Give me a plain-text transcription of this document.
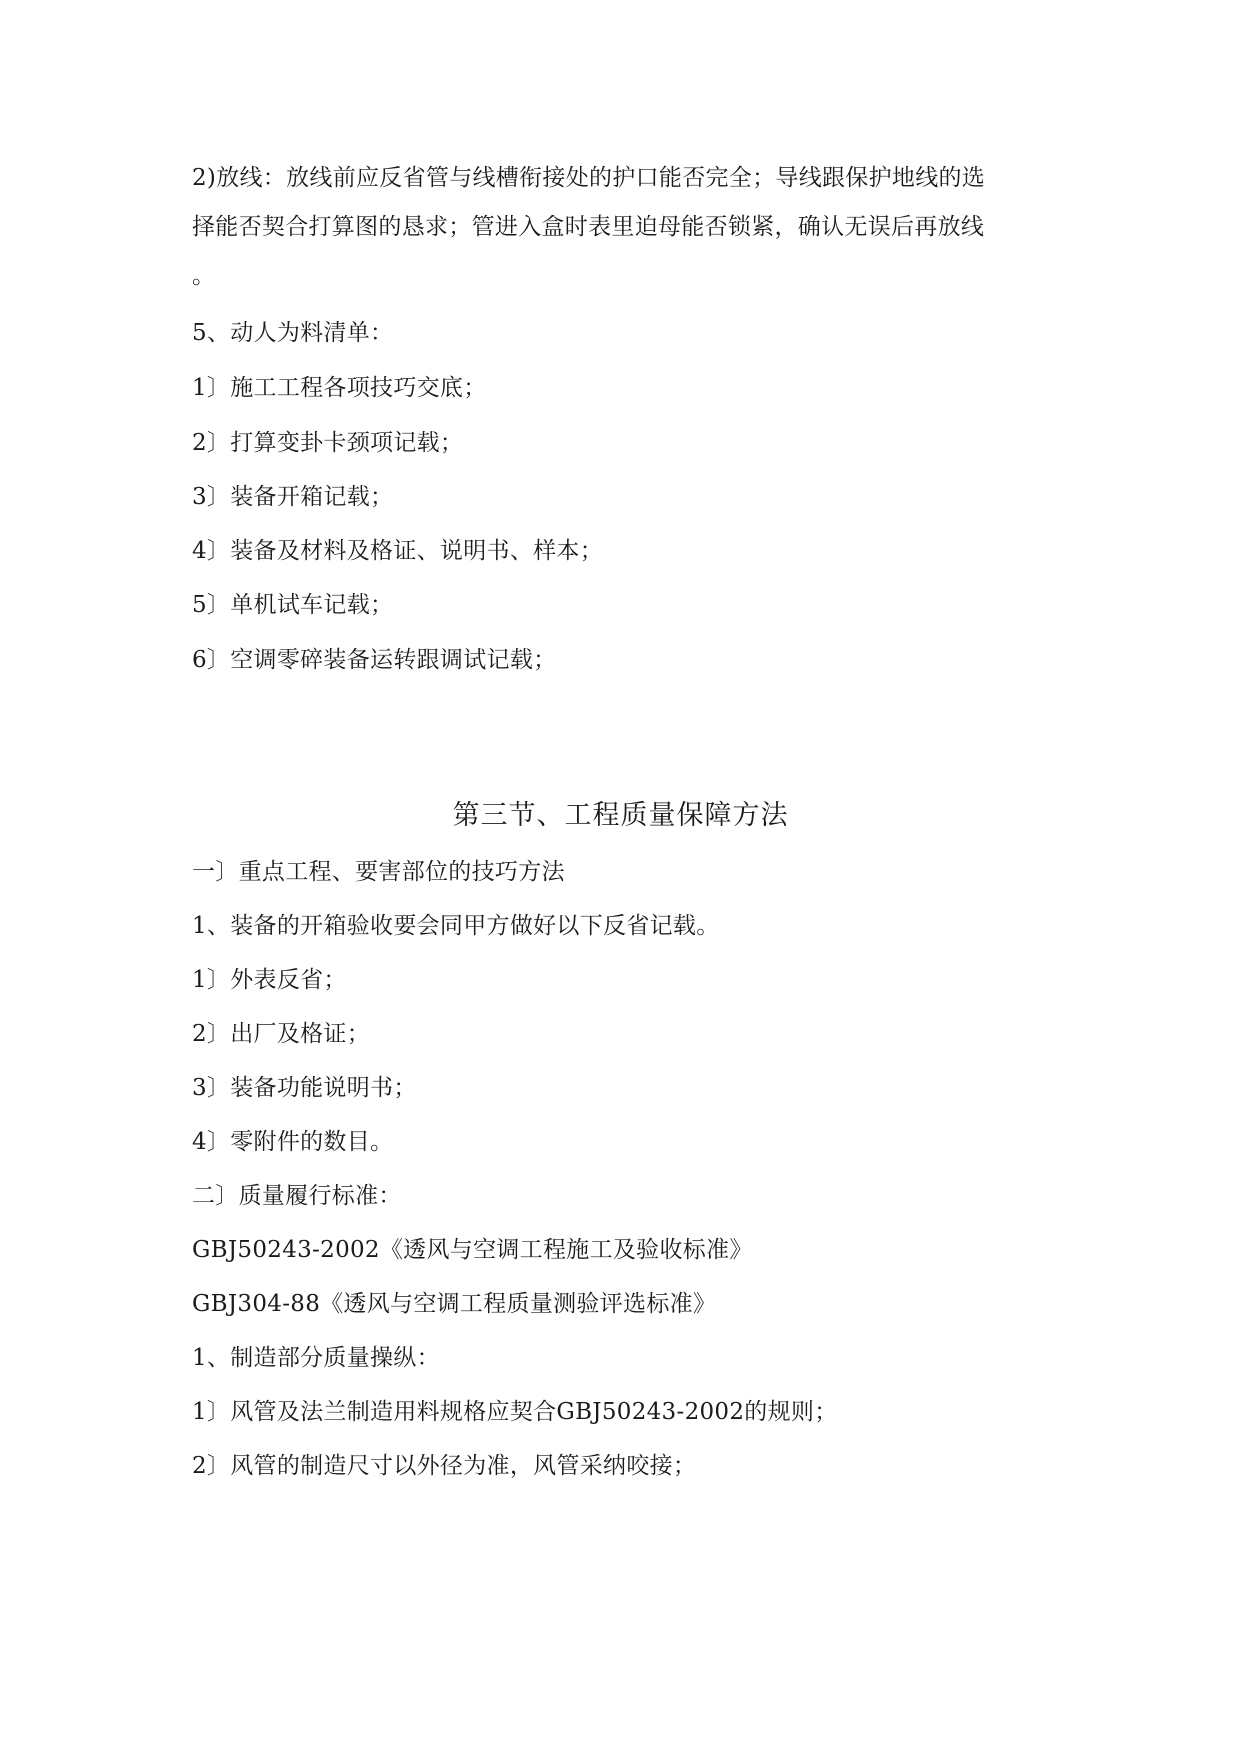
2)放线：放线前应反省管与线槽衔接处的护口能否完全；导线跟保护地线的选
择能否契合打算图的恳求；管进入盒时表里迫母能否锁紧，确认无误后再放线
。
5、动人为料清单：
1〕施工工程各项技巧交底；
2〕打算变卦卡颈项记载；
3〕装备开箱记载；
4〕装备及材料及格证、说明书、样本；
5〕单机试车记载；
6〕空调零碎装备运转跟调试记载；
第三节、工程质量保障方法
一〕重点工程、要害部位的技巧方法
1、装备的开箱验收要会同甲方做好以下反省记载。
1〕外表反省；
2〕出厂及格证；
3〕装备功能说明书；
4〕零附件的数目。
二〕质量履行标准：
GBJ50243-2002《透风与空调工程施工及验收标准》
GBJ304-88《透风与空调工程质量测验评选标准》
1、制造部分质量操纵：
1〕风管及法兰制造用料规格应契合GBJ50243-2002的规则；
2〕风管的制造尺寸以外径为准，风管采纳咬接；
